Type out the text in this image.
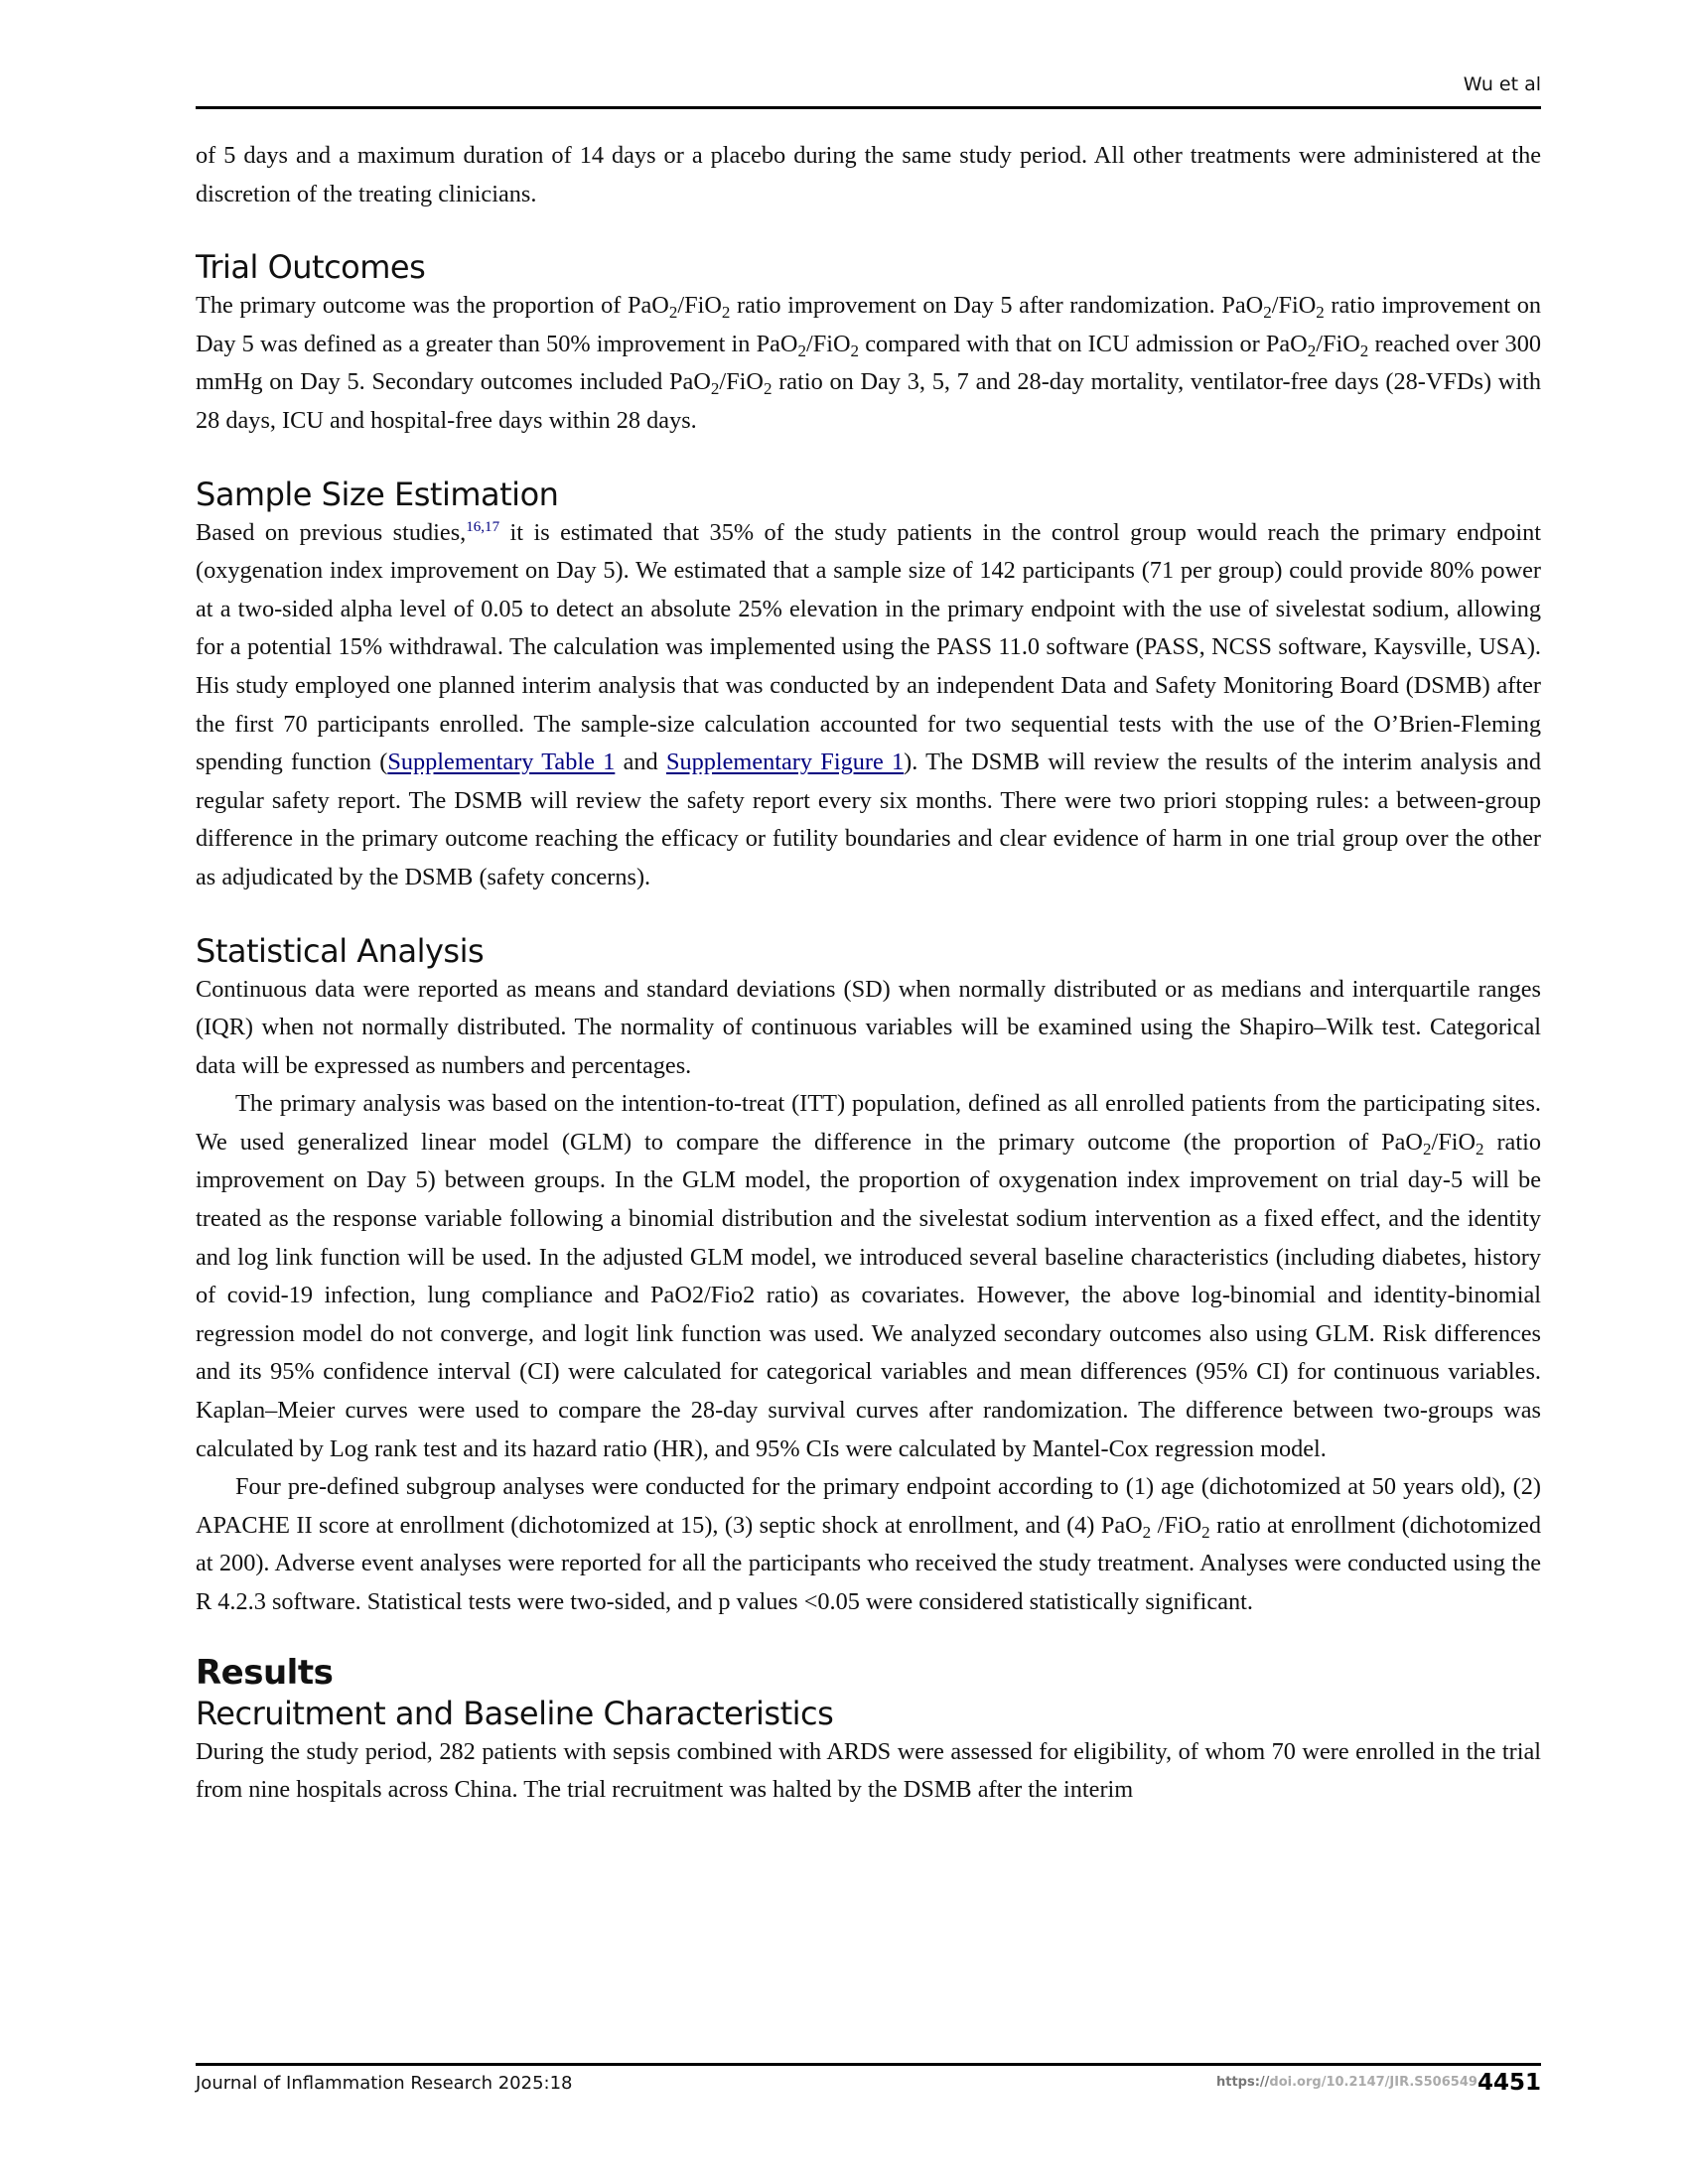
Wu et al

of 5 days and a maximum duration of 14 days or a placebo during the same study period. All other treatments were administered at the discretion of the treating clinicians.

Trial Outcomes

The primary outcome was the proportion of PaO$_2$/FiO$_2$ ratio improvement on Day 5 after randomization. PaO$_2$/FiO$_2$ ratio improvement on Day 5 was defined as a greater than 50% improvement in PaO$_2$/FiO$_2$ compared with that on ICU admission or PaO$_2$/FiO$_2$ reached over 300 mmHg on Day 5. Secondary outcomes included PaO$_2$/FiO$_2$ ratio on Day 3, 5, 7 and 28-day mortality, ventilator-free days (28-VFDs) with 28 days, ICU and hospital-free days within 28 days.

Sample Size Estimation

Based on previous studies,$^{16,17}$ it is estimated that 35% of the study patients in the control group would reach the primary endpoint (oxygenation index improvement on Day 5). We estimated that a sample size of 142 participants (71 per group) could provide 80% power at a two-sided alpha level of 0.05 to detect an absolute 25% elevation in the primary endpoint with the use of sivelestat sodium, allowing for a potential 15% withdrawal. The calculation was implemented using the PASS 11.0 software (PASS, NCSS software, Kaysville, USA). His study employed one planned interim analysis that was conducted by an independent Data and Safety Monitoring Board (DSMB) after the first 70 participants enrolled. The sample-size calculation accounted for two sequential tests with the use of the O’Brien-Fleming spending function (Supplementary Table 1 and Supplementary Figure 1). The DSMB will review the results of the interim analysis and regular safety report. The DSMB will review the safety report every six months. There were two priori stopping rules: a between-group difference in the primary outcome reaching the efficacy or futility boundaries and clear evidence of harm in one trial group over the other as adjudicated by the DSMB (safety concerns).

Statistical Analysis

Continuous data were reported as means and standard deviations (SD) when normally distributed or as medians and interquartile ranges (IQR) when not normally distributed. The normality of continuous variables will be examined using the Shapiro–Wilk test. Categorical data will be expressed as numbers and percentages.

The primary analysis was based on the intention-to-treat (ITT) population, defined as all enrolled patients from the participating sites. We used generalized linear model (GLM) to compare the difference in the primary outcome (the proportion of PaO$_2$/FiO$_2$ ratio improvement on Day 5) between groups. In the GLM model, the proportion of oxygenation index improvement on trial day-5 will be treated as the response variable following a binomial distribution and the sivelestat sodium intervention as a fixed effect, and the identity and log link function will be used. In the adjusted GLM model, we introduced several baseline characteristics (including diabetes, history of covid-19 infection, lung compliance and PaO2/Fio2 ratio) as covariates. However, the above log-binomial and identity-binomial regression model do not converge, and logit link function was used. We analyzed secondary outcomes also using GLM. Risk differences and its 95% confidence interval (CI) were calculated for categorical variables and mean differences (95% CI) for continuous variables. Kaplan–Meier curves were used to compare the 28-day survival curves after randomization. The difference between two-groups was calculated by Log rank test and its hazard ratio (HR), and 95% CIs were calculated by Mantel-Cox regression model.

Four pre-defined subgroup analyses were conducted for the primary endpoint according to (1) age (dichotomized at 50 years old), (2) APACHE II score at enrollment (dichotomized at 15), (3) septic shock at enrollment, and (4) PaO$_2$ /FiO$_2$ ratio at enrollment (dichotomized at 200). Adverse event analyses were reported for all the participants who received the study treatment. Analyses were conducted using the R 4.2.3 software. Statistical tests were two-sided, and p values <0.05 were considered statistically significant.

Results
Recruitment and Baseline Characteristics

During the study period, 282 patients with sepsis combined with ARDS were assessed for eligibility, of whom 70 were enrolled in the trial from nine hospitals across China. The trial recruitment was halted by the DSMB after the interim

Journal of Inflammation Research 2025:18	https://doi.org/10.2147/JIR.S506549 4451
